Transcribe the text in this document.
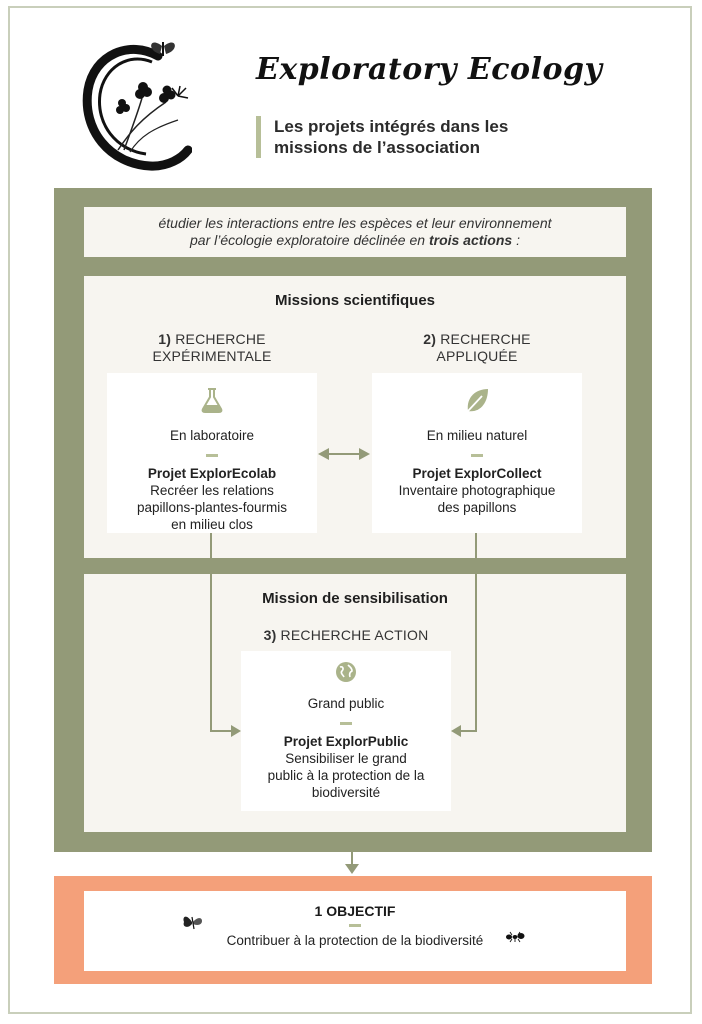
Exploratory Ecology
Les projets intégrés dans les missions de l’association
étudier les interactions entre les espèces et leur environnement
par l’écologie exploratoire déclinée en trois actions :
Missions scientifiques
1) RECHERCHE
EXPÉRIMENTALE
2) RECHERCHE
APPLIQUÉE
En laboratoire
Projet ExplorEcolab
Recréer les relations papillons-plantes-fourmis en milieu clos
En milieu naturel
Projet ExplorCollect
Inventaire photographique des papillons
Mission de sensibilisation
3) RECHERCHE ACTION
Grand public
Projet ExplorPublic
Sensibiliser le grand public à la protection de la biodiversité
1 OBJECTIF
Contribuer à la protection de la biodiversité
